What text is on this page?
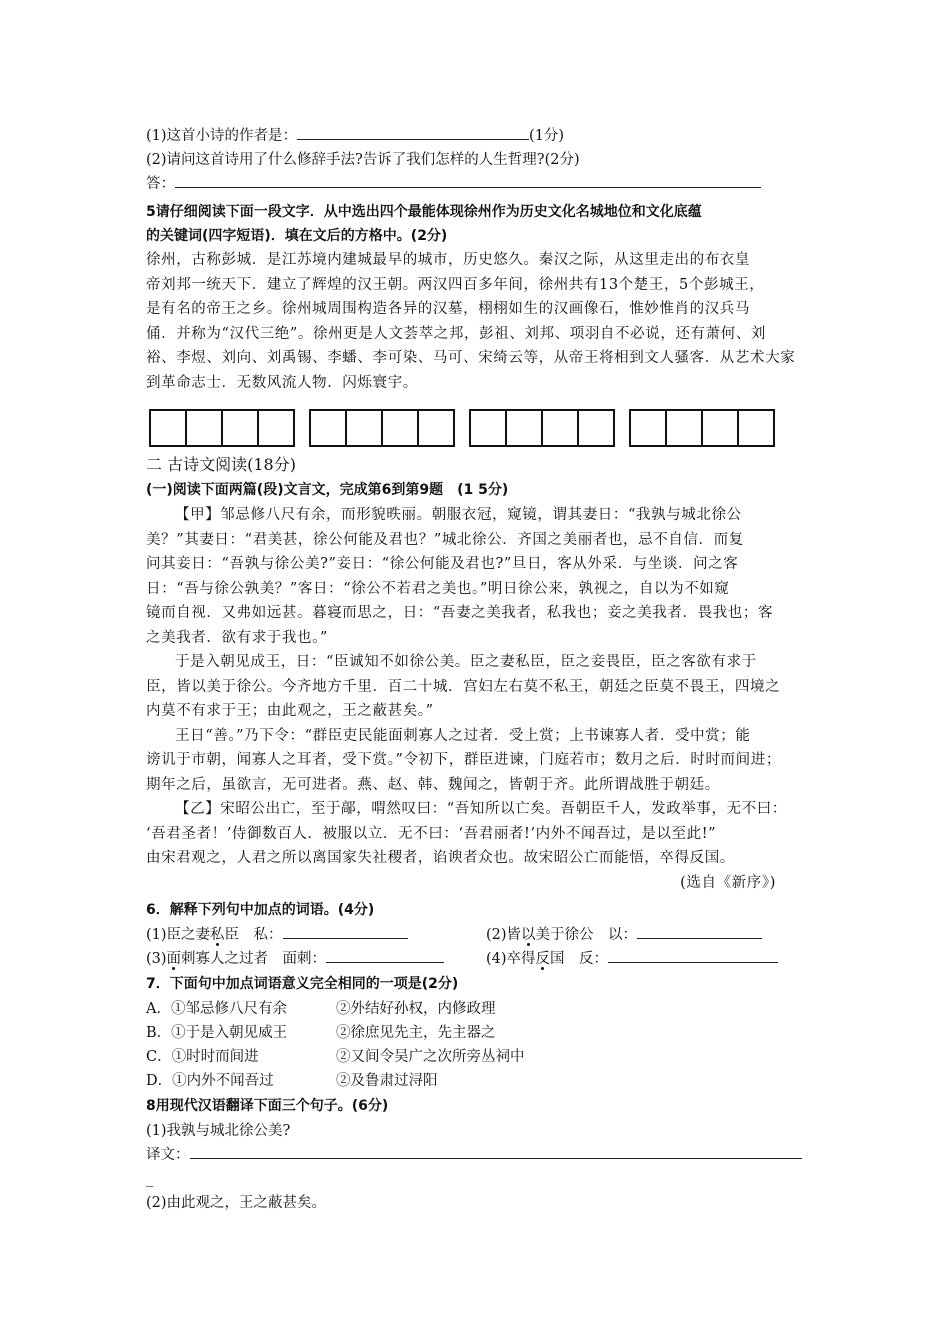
(1)这首小诗的作者是：	(1分)
(2)请问这首诗用了什么修辞手法?告诉了我们怎样的人生哲理?(2分)
答：
5请仔细阅读下面一段文字．从中选出四个最能体现徐州作为历史文化名城地位和文化底蕴
的关键词(四字短语)．填在文后的方格中。(2分)
徐州，古称彭城．是江苏境内建城最早的城市，历史悠久。秦汉之际，从这里走出的布衣皇
帝刘邦一统天下．建立了辉煌的汉王朝。两汉四百多年间，徐州共有13个楚王，5个彭城王，
是有名的帝王之乡。徐州城周围构造各异的汉墓，栩栩如生的汉画像石，惟妙惟肖的汉兵马
俑．并称为“汉代三绝”。徐州更是人文荟萃之邦，彭祖、刘邦、项羽自不必说，还有萧何、刘
裕、李煜、刘向、刘禹锡、李蟠、李可染、马可、宋绮云等，从帝王将相到文人骚客．从艺术大家
到革命志士．无数风流人物．闪烁寰宇。
二 古诗文阅读(18分)
(一)阅读下面两篇(段)文言文，完成第6到第9题　(1 5分)
【甲】邹忌修八尺有余，而形貌昳丽。朝服衣冠，窥镜，谓其妻日：“我孰与城北徐公
美？”其妻日：“君美甚，徐公何能及君也？”城北徐公．齐国之美丽者也，忌不自信．而复
问其妾日：“吾孰与徐公美?”妾日：“徐公何能及君也?”旦日，客从外采．与坐谈．问之客
日：“吾与徐公孰美？”客日：“徐公不若君之美也。”明日徐公来，孰视之，自以为不如窥
镜而自视．又弗如远甚。暮寝而思之，日：“吾妻之美我者，私我也；妾之美我者．畏我也；客
之美我者．欲有求于我也。”
于是入朝见成王，日：“臣诚知不如徐公美。臣之妻私臣，臣之妾畏臣，臣之客欲有求于
臣，皆以美于徐公。今齐地方千里．百二十城．宫妇左右莫不私王，朝廷之臣莫不畏王，四境之
内莫不有求于王；由此观之，王之蔽甚矣。”
王日“善。”乃下令：“群臣吏民能面刺寡人之过者．受上赏；上书谏寡人者．受中赏；能
谤讥于市朝，闻寡人之耳者，受下赏。”令初下，群臣进谏，门庭若市；数月之后．时时而间进；
期年之后，虽欲言，无可进者。燕、赵、韩、魏闻之，皆朝于齐。此所谓战胜于朝廷。
【乙】宋昭公出亡，至于鄗，喟然叹曰：“吾知所以亡矣。吾朝臣千人，发政举事，无不曰：
‘吾君圣者！’侍御数百人．被服以立．无不曰：‘吾君丽者!’内外不闻吾过，是以至此!”
由宋君观之，人君之所以离国家失社稷者，谄谀者众也。故宋昭公亡而能悟，卒得反国。
(选自《新序》)
6．解释下列句中加点的词语。(4分)
(1)臣之妻私臣　私：	(2)皆以美于徐公　以：
(3)面刺寡人之过者　面刺：	(4)卒得反国　反：
7．下面句中加点词语意义完全相同的一项是(2分)
A．①邹忌修八尺有余	②外结好孙权，内修政理
B．①于是入朝见威王	②徐庶见先主，先主器之
C．①时时而间进	②又间令吴广之次所旁丛祠中
D．①内外不闻吾过	②及鲁肃过浔阳
8用现代汉语翻译下面三个句子。(6分)
(1)我孰与城北徐公美?
译文：
_
(2)由此观之，王之蔽甚矣。
